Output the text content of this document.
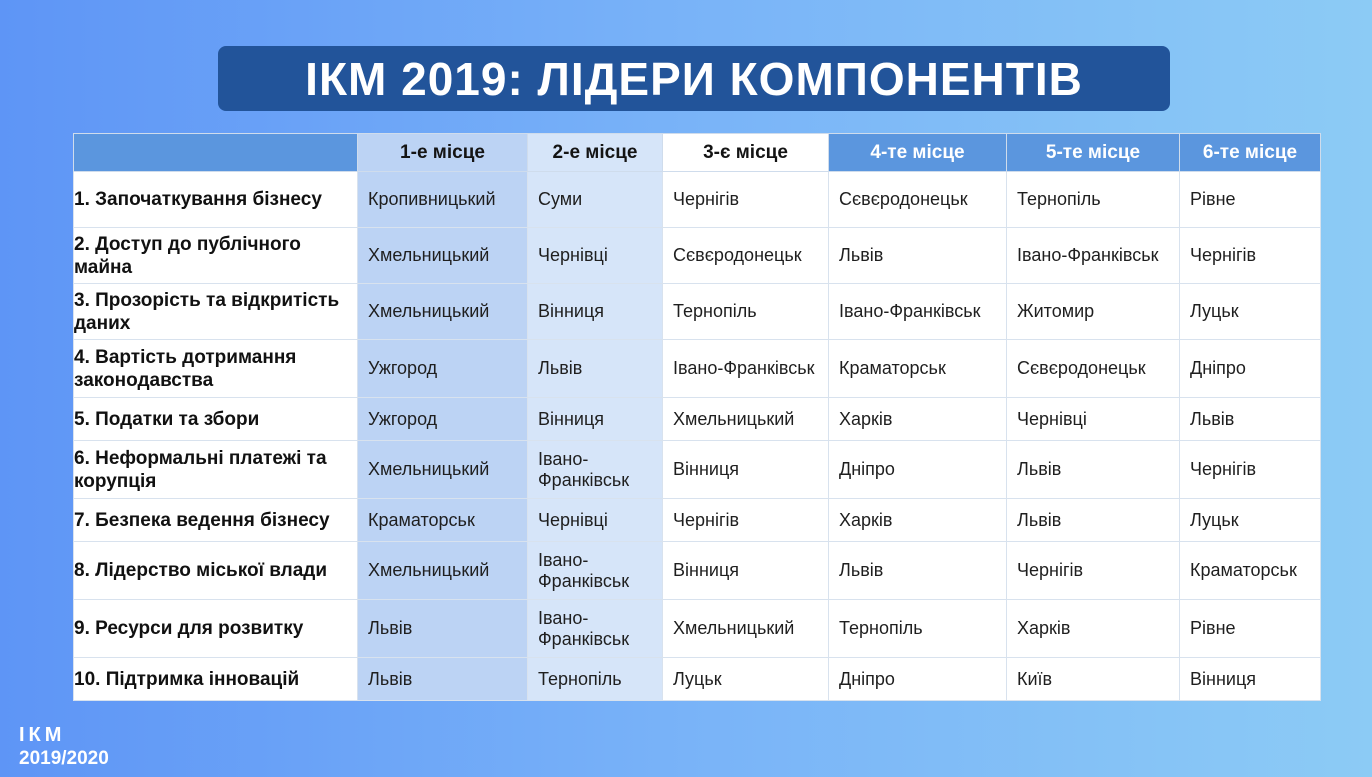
ІКМ 2019: ЛІДЕРИ КОМПОНЕНТІВ
	1-е місце	2-е місце	3-є місце	4-те місце	5-те місце	6-те місце
1. Започаткування бізнесу	Кропивницький	Суми	Чернігів	Сєвєродонецьк	Тернопіль	Рівне
2. Доступ до публічного майна	Хмельницький	Чернівці	Сєвєродонецьк	Львів	Івано-Франківськ	Чернігів
3. Прозорість та відкритість даних	Хмельницький	Вінниця	Тернопіль	Івано-Франківськ	Житомир	Луцьк
4. Вартість дотримання законодавства	Ужгород	Львів	Івано-Франківськ	Краматорськ	Сєвєродонецьк	Дніпро
5. Податки та збори	Ужгород	Вінниця	Хмельницький	Харків	Чернівці	Львів
6. Неформальні платежі та корупція	Хмельницький	Івано-Франківськ	Вінниця	Дніпро	Львів	Чернігів
7. Безпека ведення бізнесу	Краматорськ	Чернівці	Чернігів	Харків	Львів	Луцьк
8. Лідерство міської влади	Хмельницький	Івано-Франківськ	Вінниця	Львів	Чернігів	Краматорськ
9. Ресурси для розвитку	Львів	Івано-Франківськ	Хмельницький	Тернопіль	Харків	Рівне
10. Підтримка інновацій	Львів	Тернопіль	Луцьк	Дніпро	Київ	Вінниця
ІКМ
2019/2020
